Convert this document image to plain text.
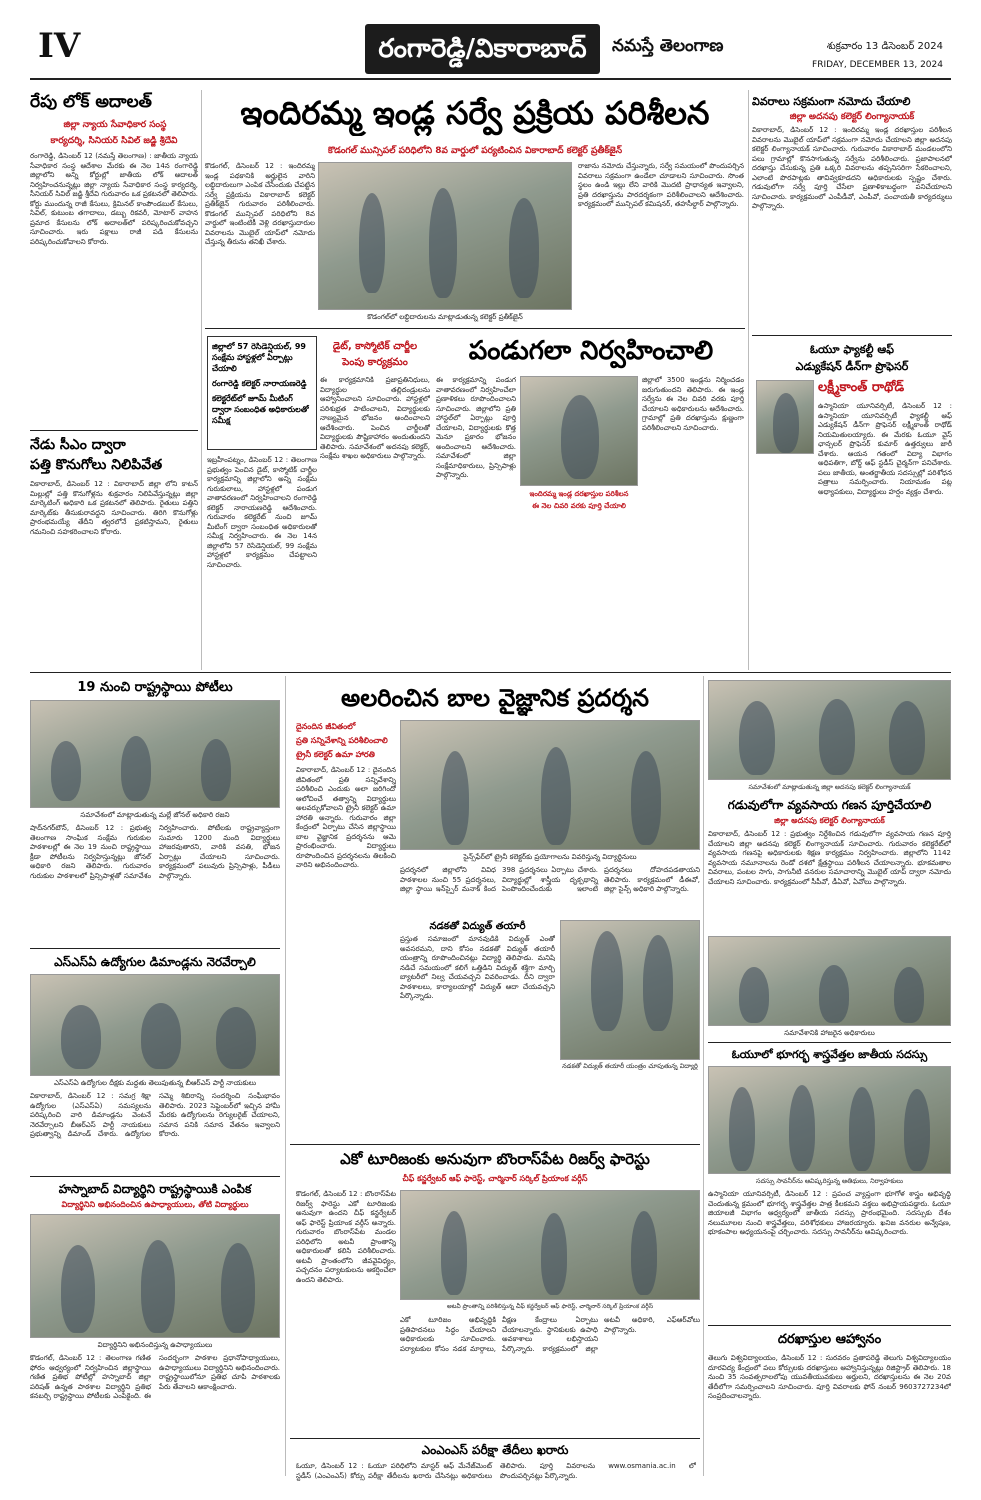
IV	రంగారెడ్డి/వికారాబాద్	నమస్తే తెలంగాణ	శుక్రవారం 13 డిసెంబర్ 2024
FRIDAY, DECEMBER 13, 2024
రేపు లోక్ అదాలత్
జిల్లా న్యాయ సేవాధికార సంస్థ
కార్యదర్శి, సీనియర్ సివిల్ జడ్జి శ్రీదేవి
రంగారెడ్డి, డిసెంబర్ 12 (నమస్తే తెలంగాణ) : జాతీయ న్యాయ సేవాధికార సంస్థ ఆదేశాల మేరకు ఈ నెల 14న రంగారెడ్డి జిల్లాలోని అన్ని కోర్టుల్లో జాతీయ లోక్ అదాలత్ నిర్వహించనున్నట్లు జిల్లా న్యాయ సేవాధికార సంస్థ కార్యదర్శి, సీనియర్ సివిల్ జడ్జి శ్రీదేవి గురువారం ఒక ప్రకటనలో తెలిపారు. కోర్టు ముందున్న రాజీ కేసులు, క్రిమినల్ కాంపౌండబుల్ కేసులు, సివిల్, కుటుంబ తగాదాలు, డబ్బు రికవరీ, మోటార్ వాహన ప్రమాద కేసులను లోక్ అదాలత్‌లో పరిష్కరించుకోవచ్చని సూచించారు. ఇరు పక్షాలు రాజీ పడి కేసులను పరిష్కరించుకోవాలని కోరారు.
నేడు సీఎం ద్వారా
పత్తి కొనుగోలు నిలిపివేత
వికారాబాద్, డిసెంబర్ 12 : వికారాబాద్ జిల్లా లోని కాటన్ మిల్లుల్లో పత్తి కొనుగోళ్లను శుక్రవారం నిలిపివేస్తున్నట్లు జిల్లా మార్కెటింగ్ అధికారి ఒక ప్రకటనలో తెలిపారు. రైతులు పత్తిని మార్కెట్‌కు తీసుకురావద్దని సూచించారు. తిరిగి కొనుగోళ్లు ప్రారంభమయ్యే తేదీని త్వరలోనే ప్రకటిస్తామని, రైతులు గమనించి సహకరించాలని కోరారు.
ఇందిరమ్మ ఇండ్ల సర్వే ప్రక్రియ పరిశీలన
కొడంగల్ మున్సిపల్ పరిధిలోని 8వ వార్డులో పర్యటించిన వికారాబాద్ కలెక్టర్ ప్రతీక్‌జైన్
కొడంగల్, డిసెంబర్ 12 : ఇందిరమ్మ ఇండ్ల పథకానికి అర్హులైన వారిని లబ్ధిదారులుగా ఎంపిక చేసేందుకు చేపట్టిన సర్వే ప్రక్రియను వికారాబాద్ కలెక్టర్ ప్రతీక్‌జైన్ గురువారం పరిశీలించారు. కొడంగల్ మున్సిపల్ పరిధిలోని 8వ వార్డులో ఇంటింటికీ వెళ్లి దరఖాస్తుదారుల వివరాలను మొబైల్ యాప్‌లో నమోదు చేస్తున్న తీరును తనిఖీ చేశారు.
కొడంగల్‌లో లబ్ధిదారులను మాట్లాడుతున్న కలెక్టర్ ప్రతీక్‌జైన్
రాజాను నమోదు చేస్తున్నారు, సర్వే సమయంలో పొందుపర్చిన వివరాలు సక్రమంగా ఉండేలా చూడాలని సూచించారు. సొంత స్థలం ఉండి ఇల్లు లేని వారికి మొదటి ప్రాధాన్యత ఇవ్వాలని, ప్రతి దరఖాస్తును పారదర్శకంగా పరిశీలించాలని ఆదేశించారు. కార్యక్రమంలో మున్సిపల్ కమిషనర్, తహసీల్దార్ పాల్గొన్నారు.
వివరాలు సక్రమంగా నమోదు చేయాలి
జిల్లా అదనపు కలెక్టర్ లింగ్యానాయక్
వికారాబాద్, డిసెంబర్ 12 : ఇందిరమ్మ ఇండ్ల దరఖాస్తుల పరిశీలన వివరాలను మొబైల్ యాప్‌లో సక్రమంగా నమోదు చేయాలని జిల్లా అదనపు కలెక్టర్ లింగ్యానాయక్ సూచించారు. గురువారం వికారాబాద్ మండలంలోని పలు గ్రామాల్లో కొనసాగుతున్న సర్వేను పరిశీలించారు. ప్రజాపాలనలో దరఖాస్తు చేసుకున్న ప్రతి ఒక్కరి వివరాలను తప్పనిసరిగా సేకరించాలని, ఎలాంటి పొరపాట్లకు తావివ్వకూడదని అధికారులకు స్పష్టం చేశారు. గడువులోగా సర్వే పూర్తి చేసేలా ప్రణాళికాబద్ధంగా పనిచేయాలని సూచించారు. కార్యక్రమంలో ఎంపీడీవో, ఎంపీవో, పంచాయతీ కార్యదర్శులు పాల్గొన్నారు.
ఓయూ ఫ్యాకల్టీ ఆఫ్
ఎడ్యుకేషన్ డీన్‌గా ప్రొఫెసర్
లక్ష్మీకాంత్ రాథోడ్
ఉస్మానియా యూనివర్సిటీ, డిసెంబర్ 12 : ఉస్మానియా యూనివర్సిటీ ఫ్యాకల్టీ ఆఫ్ ఎడ్యుకేషన్ డీన్‌గా ప్రొఫెసర్ లక్ష్మీకాంత్ రాథోడ్ నియమితులయ్యారు. ఈ మేరకు ఓయూ వైస్ ఛాన్సలర్ ప్రొఫెసర్ కుమార్ ఉత్తర్వులు జారీ చేశారు. ఆయన గతంలో విద్యా విభాగం అధిపతిగా, బోర్డ్ ఆఫ్ స్టడీస్ చైర్మన్‌గా పనిచేశారు. పలు జాతీయ, అంతర్జాతీయ సదస్సుల్లో పరిశోధన పత్రాలు సమర్పించారు. నియామకం పట్ల అధ్యాపకులు, విద్యార్థులు హర్షం వ్యక్తం చేశారు.
జిల్లాలో 57 రెసిడెన్షియల్, 99 సంక్షేమ హాస్టళ్లలో ఏర్పాట్లు చేయాలి
రంగారెడ్డి కలెక్టర్ నారాయణరెడ్డి
కలెక్టరేట్‌లో జూమ్ మీటింగ్ ద్వారా సంబంధిత అధికారులతో సమీక్ష
డైట్, కాస్మోటిక్ చార్జీల
పెంపు కార్యక్రమం	పండుగలా నిర్వహించాలి
ఇబ్రహీంపట్నం, డిసెంబర్ 12 : తెలంగాణ ప్రభుత్వం పెంచిన డైట్, కాస్మోటిక్ చార్జీల కార్యక్రమాన్ని జిల్లాలోని అన్ని సంక్షేమ గురుకులాలు, హాస్టళ్లలో పండుగ వాతావరణంలో నిర్వహించాలని రంగారెడ్డి కలెక్టర్ నారాయణరెడ్డి ఆదేశించారు. గురువారం కలెక్టరేట్ నుంచి జూమ్ మీటింగ్ ద్వారా సంబంధిత అధికారులతో సమీక్ష నిర్వహించారు. ఈ నెల 14న జిల్లాలోని 57 రెసిడెన్షియల్, 99 సంక్షేమ హాస్టళ్లలో కార్యక్రమం చేపట్టాలని సూచించారు.
ఈ కార్యక్రమానికి ప్రజాప్రతినిధులు, విద్యార్థుల తల్లిదండ్రులను ఆహ్వానించాలని సూచించారు. హాస్టళ్లలో పరిశుభ్రత పాటించాలని, విద్యార్థులకు నాణ్యమైన భోజనం అందించాలని ఆదేశించారు. పెంచిన చార్జీలతో విద్యార్థులకు పౌష్టికాహారం అందుతుందని తెలిపారు. సమావేశంలో అదనపు కలెక్టర్, సంక్షేమ శాఖల అధికారులు పాల్గొన్నారు.
ఈ కార్యక్రమాన్ని పండుగ వాతావరణంలో నిర్వహించేలా ప్రణాళికలు రూపొందించాలని సూచించారు. జిల్లాలోని ప్రతి హాస్టల్‌లో ఏర్పాట్లు పూర్తి చేయాలని, విద్యార్థులకు కొత్త మెనూ ప్రకారం భోజనం అందించాలని ఆదేశించారు. సమావేశంలో జిల్లా సంక్షేమాధికారులు, ప్రిన్సిపాళ్లు పాల్గొన్నారు.
ఇందిరమ్మ ఇండ్ల దరఖాస్తుల పరిశీలన
ఈ నెల చివరి వరకు పూర్తి చేయాలి
జిల్లాలో 3500 ఇండ్లను నిర్మించడం జరుగుతుందని తెలిపారు. ఈ ఇండ్ల సర్వేను ఈ నెల చివరి వరకు పూర్తి చేయాలని అధికారులను ఆదేశించారు. గ్రామాల్లో ప్రతి దరఖాస్తును క్షుణ్ణంగా పరిశీలించాలని సూచించారు.
19 నుంచి రాష్ట్రస్థాయి పోటీలు
సమావేశంలో మాట్లాడుతున్న మల్లే జోనల్ అధికారి రజని
షాద్‌నగర్‌టౌన్, డిసెంబర్ 12 : ప్రభుత్వ తెలంగాణ సాంఘిక సంక్షేమ గురుకుల పాఠశాలల్లో ఈ నెల 19 నుంచి రాష్ట్రస్థాయి క్రీడా పోటీలను నిర్వహిస్తున్నట్లు జోనల్ అధికారి రజని తెలిపారు. గురువారం గురుకుల పాఠశాలలో ప్రిన్సిపాళ్లతో సమావేశం నిర్వహించారు. పోటీలకు రాష్ట్రవ్యాప్తంగా సుమారు 1200 మంది విద్యార్థులు హాజరవుతారని, వారికి వసతి, భోజన ఏర్పాట్లు చేయాలని సూచించారు. కార్యక్రమంలో పలువురు ప్రిన్సిపాళ్లు, పీడీలు పాల్గొన్నారు.
ఎస్ఎస్ఏ ఉద్యోగుల డిమాండ్లను నెరవేర్చాలి
ఎస్ఎస్ఏ ఉద్యోగుల దీక్షకు మద్దతు తెలుపుతున్న బీఆర్ఎస్ పార్టీ నాయకులు
వికారాబాద్, డిసెంబర్ 12 : సమగ్ర శిక్షా ఉద్యోగుల (ఎస్ఎస్ఏ) సమస్యలను పరిష్కరించి వారి డిమాండ్లను వెంటనే నెరవేర్చాలని బీఆర్ఎస్ పార్టీ నాయకులు ప్రభుత్వాన్ని డిమాండ్ చేశారు. ఉద్యోగుల సమ్మె శిబిరాన్ని సందర్శించి సంఘీభావం తెలిపారు. 2023 సెప్టెంబర్‌లో ఇచ్చిన హామీ మేరకు ఉద్యోగులను రెగ్యులరైజ్ చేయాలని, సమాన పనికి సమాన వేతనం ఇవ్వాలని కోరారు.
హస్నాబాద్ విద్యార్థిని రాష్ట్రస్థాయికి ఎంపిక
విద్యార్థినిని అభినందించిన ఉపాధ్యాయులు, తోటి విద్యార్థులు
విద్యార్థినిని అభినందిస్తున్న ఉపాధ్యాయులు
కొడంగల్, డిసెంబర్ 12 : తెలంగాణ గణిత ఫోరం ఆధ్వర్యంలో నిర్వహించిన జిల్లాస్థాయి గణిత ప్రతిభ పోటీల్లో హస్నాబాద్ జిల్లా పరిషత్ ఉన్నత పాఠశాల విద్యార్థిని ప్రతిభ కనబర్చి రాష్ట్రస్థాయి పోటీలకు ఎంపికైంది. ఈ సందర్భంగా పాఠశాల ప్రధానోపాధ్యాయులు, ఉపాధ్యాయులు విద్యార్థినిని అభినందించారు. రాష్ట్రస్థాయిలోనూ ప్రతిభ చూపి పాఠశాలకు పేరు తేవాలని ఆకాంక్షించారు.
అలరించిన బాల వైజ్ఞానిక ప్రదర్శన
దైనందిన జీవితంలో
ప్రతి సన్నివేశాన్ని పరిశీలించాలి
ట్రైనీ కలెక్టర్ ఉమా హారతి
వికారాబాద్, డిసెంబర్ 12 : దైనందిన జీవితంలో ప్రతి సన్నివేశాన్ని పరిశీలించి ఎందుకు అలా జరిగిందో ఆలోచించే తత్వాన్ని విద్యార్థులు అలవర్చుకోవాలని ట్రైనీ కలెక్టర్ ఉమా హారతి అన్నారు. గురువారం జిల్లా కేంద్రంలో ఏర్పాటు చేసిన జిల్లాస్థాయి బాల వైజ్ఞానిక ప్రదర్శనను ఆమె ప్రారంభించారు. విద్యార్థులు రూపొందించిన ప్రదర్శనలను తిలకించి వారిని అభినందించారు.
సైన్స్‌ఫేర్‌లో ట్రైనీ కలెక్టర్‌కు ప్రయోగాలను వివరిస్తున్న విద్యార్థినులు
ప్రదర్శనలో జిల్లాలోని వివిధ పాఠశాలల నుంచి 55 ప్రదర్శనలు, జిల్లా స్థాయి ఇన్‌స్పైర్ మనాక్ కింద 398 ప్రదర్శనలు ఏర్పాటు చేశారు. విద్యార్థుల్లో శాస్త్రీయ దృక్పథాన్ని పెంపొందించేందుకు ఇలాంటి ప్రదర్శనలు దోహదపడతాయని తెలిపారు. కార్యక్రమంలో డీఈవో, జిల్లా సైన్స్ అధికారి పాల్గొన్నారు.
నడకతో విద్యుత్ తయారీ యంత్రం చూపుతున్న విద్యార్థి
నడకతో విద్యుత్ తయారీ
ప్రస్తుత సమాజంలో మానవుడికి విద్యుత్ ఎంతో అవసరమని, దాని కోసం నడకతో విద్యుత్ తయారీ యంత్రాన్ని రూపొందించినట్లు విద్యార్థి తెలిపాడు. మనిషి నడిచే సమయంలో కలిగే ఒత్తిడిని విద్యుత్ శక్తిగా మార్చి బ్యాటరీలో నిల్వ చేయవచ్చని వివరించాడు. దీని ద్వారా పాఠశాలలు, కార్యాలయాల్లో విద్యుత్ ఆదా చేయవచ్చని పేర్కొన్నాడు.
ఎకో టూరిజంకు అనువుగా బొంరాస్‌పేట రిజర్వ్ ఫారెస్టు
చీఫ్ కన్జర్వేటర్ ఆఫ్ ఫారెస్ట్, చార్మినార్ సర్కిల్ ప్రియాంక వర్గీస్
కొడంగల్, డిసెంబర్ 12 : బొంరాస్‌పేట రిజర్వ్ ఫారెస్టు ఎకో టూరిజంకు అనువుగా ఉందని చీఫ్ కన్జర్వేటర్ ఆఫ్ ఫారెస్ట్ ప్రియాంక వర్గీస్ అన్నారు. గురువారం బొంరాస్‌పేట మండల పరిధిలోని అటవీ ప్రాంతాన్ని అధికారులతో కలిసి పరిశీలించారు. అటవీ ప్రాంతంలోని జీవవైవిధ్యం, పచ్చదనం పర్యాటకులను ఆకర్షించేలా ఉందని తెలిపారు.
అటవీ ప్రాంతాన్ని పరిశీలిస్తున్న చీఫ్ కన్జర్వేటర్ ఆఫ్ ఫారెస్ట్, చార్మినార్ సర్కిల్ ప్రియాంక వర్గీస్
ఎకో టూరిజం అభివృద్ధికి ప్రతిపాదనలు సిద్ధం చేయాలని అధికారులకు సూచించారు. పర్యాటకుల కోసం నడక మార్గాలు, వీక్షణ కేంద్రాలు ఏర్పాటు చేయాలన్నారు. స్థానికులకు ఉపాధి అవకాశాలు లభిస్తాయని పేర్కొన్నారు. కార్యక్రమంలో జిల్లా అటవీ అధికారి, ఎఫ్‌ఆర్‌వోలు పాల్గొన్నారు.
ఎంఎంఎస్ పరీక్షా తేదీలు ఖరారు
ఓయూ, డిసెంబర్ 12 : ఓయూ పరిధిలోని మాస్టర్ ఆఫ్ మేనేజ్‌మెంట్ స్టడీస్ (ఎంఎంఎస్) కోర్సు పరీక్షా తేదీలను ఖరారు చేసినట్లు అధికారులు తెలిపారు. పూర్తి వివరాలను www.osmania.ac.in లో పొందుపర్చినట్లు పేర్కొన్నారు.
సమావేశంలో మాట్లాడుతున్న జిల్లా అదనపు కలెక్టర్ లింగ్యానాయక్
గడువులోగా వ్యవసాయ గణన పూర్తిచేయాలి
జిల్లా అదనపు కలెక్టర్ లింగ్యానాయక్
వికారాబాద్, డిసెంబర్ 12 : ప్రభుత్వం నిర్దేశించిన గడువులోగా వ్యవసాయ గణన పూర్తి చేయాలని జిల్లా అదనపు కలెక్టర్ లింగ్యానాయక్ సూచించారు. గురువారం కలెక్టరేట్‌లో వ్యవసాయ గణనపై అధికారులకు శిక్షణ కార్యక్రమం నిర్వహించారు. జిల్లాలోని 1142 వ్యవసాయ నమూనాలను రెండో దశలో క్షేత్రస్థాయి పరిశీలన చేయాలన్నారు. భూకమతాల వివరాలు, పంటల సాగు, సాగునీటి వనరుల సమాచారాన్ని మొబైల్ యాప్ ద్వారా నమోదు చేయాలని సూచించారు. కార్యక్రమంలో సీపీవో, డీఏవో, ఏవోలు పాల్గొన్నారు.
సమావేశానికి హాజరైన అధికారులు
ఓయూలో భూగర్భ శాస్త్రవేత్తల జాతీయ సదస్సు
సదస్సు సావనీర్‌ను ఆవిష్కరిస్తున్న అతిథులు, నిర్వాహకులు
ఉస్మానియా యూనివర్సిటీ, డిసెంబర్ 12 : ప్రపంచ వ్యాప్తంగా భూగోళ శాస్త్రం అభివృద్ధి చెందుతున్న క్రమంలో భూగర్భ శాస్త్రవేత్తల పాత్ర కీలకమని వక్తలు అభిప్రాయపడ్డారు. ఓయూ జియాలజీ విభాగం ఆధ్వర్యంలో జాతీయ సదస్సు ప్రారంభమైంది. సదస్సుకు దేశం నలుమూలల నుంచి శాస్త్రవేత్తలు, పరిశోధకులు హాజరయ్యారు. ఖనిజ వనరుల అన్వేషణ, భూకంపాల అధ్యయనంపై చర్చించారు. సదస్సు సావనీర్‌ను ఆవిష్కరించారు.
దరఖాస్తుల ఆహ్వానం
తెలుగు విశ్వవిద్యాలయం, డిసెంబర్ 12 : సురవరం ప్రతాపరెడ్డి తెలుగు విశ్వవిద్యాలయం దూరవిద్య కేంద్రంలో పలు కోర్సులకు దరఖాస్తులు ఆహ్వానిస్తున్నట్లు రిజిస్ట్రార్ తెలిపారు. 18 నుంచి 35 సంవత్సరాలలోపు యువతీయువకులు అర్హులని, దరఖాస్తులను ఈ నెల 20వ తేదీలోగా సమర్పించాలని సూచించారు. పూర్తి వివరాలకు ఫోన్ నంబర్ 9603727234లో సంప్రదించాలన్నారు.
